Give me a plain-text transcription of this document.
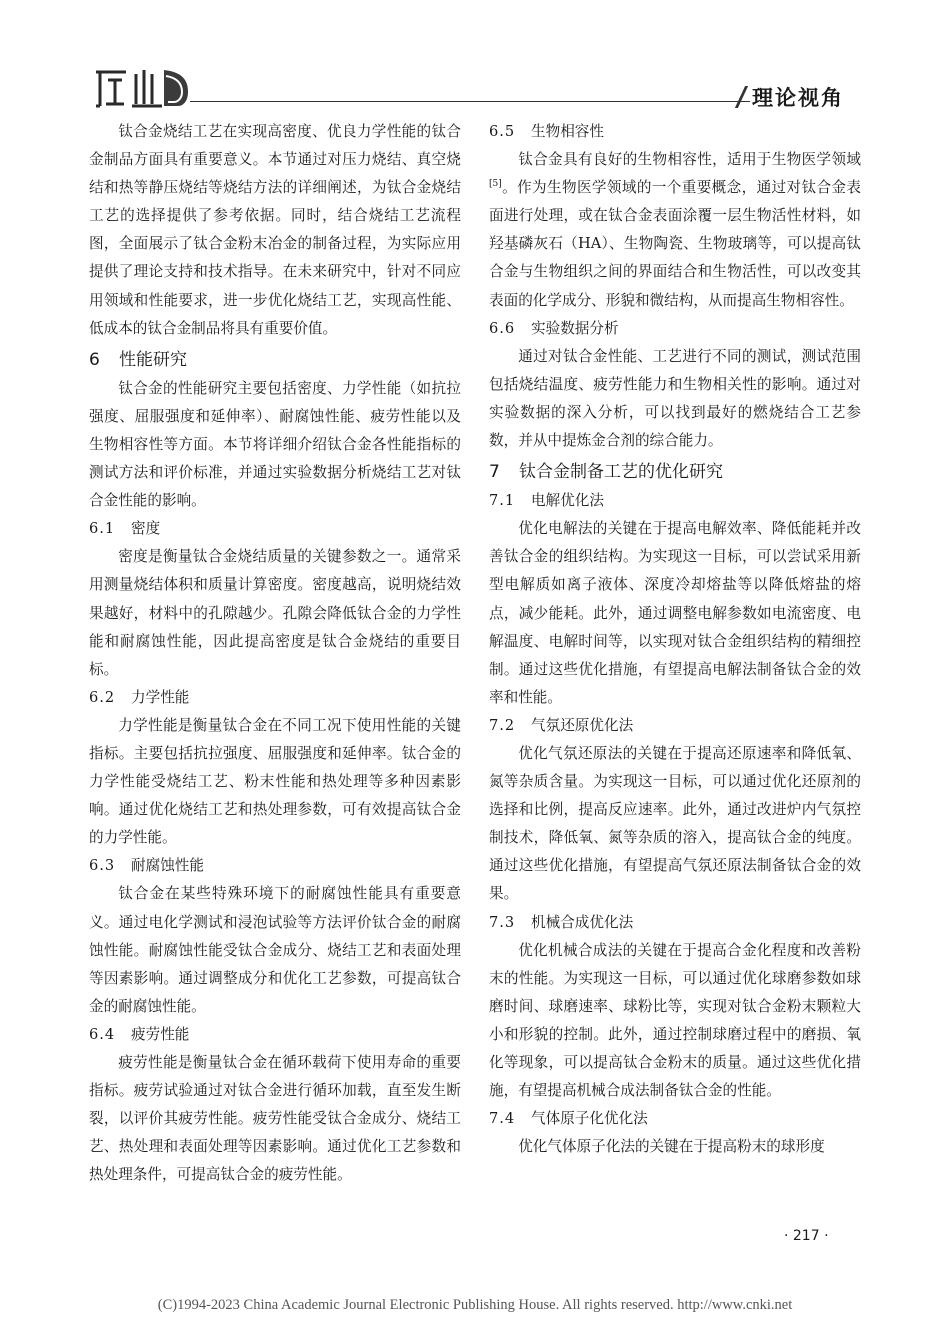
理论视角

钛合金烧结工艺在实现高密度、优良力学性能的钛合金制品方面具有重要意义。本节通过对压力烧结、真空烧结和热等静压烧结等烧结方法的详细阐述，为钛合金烧结工艺的选择提供了参考依据。同时，结合烧结工艺流程图，全面展示了钛合金粉末冶金的制备过程，为实际应用提供了理论支持和技术指导。在未来研究中，针对不同应用领域和性能要求，进一步优化烧结工艺，实现高性能、低成本的钛合金制品将具有重要价值。

6 性能研究

钛合金的性能研究主要包括密度、力学性能（如抗拉强度、屈服强度和延伸率）、耐腐蚀性能、疲劳性能以及生物相容性等方面。本节将详细介绍钛合金各性能指标的测试方法和评价标准，并通过实验数据分析烧结工艺对钛合金性能的影响。

6.1 密度

密度是衡量钛合金烧结质量的关键参数之一。通常采用测量烧结体积和质量计算密度。密度越高，说明烧结效果越好，材料中的孔隙越少。孔隙会降低钛合金的力学性能和耐腐蚀性能，因此提高密度是钛合金烧结的重要目标。

6.2 力学性能

力学性能是衡量钛合金在不同工况下使用性能的关键指标。主要包括抗拉强度、屈服强度和延伸率。钛合金的力学性能受烧结工艺、粉末性能和热处理等多种因素影响。通过优化烧结工艺和热处理参数，可有效提高钛合金的力学性能。

6.3 耐腐蚀性能

钛合金在某些特殊环境下的耐腐蚀性能具有重要意义。通过电化学测试和浸泡试验等方法评价钛合金的耐腐蚀性能。耐腐蚀性能受钛合金成分、烧结工艺和表面处理等因素影响。通过调整成分和优化工艺参数，可提高钛合金的耐腐蚀性能。

6.4 疲劳性能

疲劳性能是衡量钛合金在循环载荷下使用寿命的重要指标。疲劳试验通过对钛合金进行循环加载，直至发生断裂，以评价其疲劳性能。疲劳性能受钛合金成分、烧结工艺、热处理和表面处理等因素影响。通过优化工艺参数和热处理条件，可提高钛合金的疲劳性能。

6.5 生物相容性

钛合金具有良好的生物相容性，适用于生物医学领域[5]。作为生物医学领域的一个重要概念，通过对钛合金表面进行处理，或在钛合金表面涂覆一层生物活性材料，如羟基磷灰石（HA）、生物陶瓷、生物玻璃等，可以提高钛合金与生物组织之间的界面结合和生物活性，可以改变其表面的化学成分、形貌和微结构，从而提高生物相容性。

6.6 实验数据分析

通过对钛合金性能、工艺进行不同的测试，测试范围包括烧结温度、疲劳性能力和生物相关性的影响。通过对实验数据的深入分析，可以找到最好的燃烧结合工艺参数，并从中提炼金合剂的综合能力。

7 钛合金制备工艺的优化研究
7.1 电解优化法

优化电解法的关键在于提高电解效率、降低能耗并改善钛合金的组织结构。为实现这一目标，可以尝试采用新型电解质如离子液体、深度冷却熔盐等以降低熔盐的熔点，减少能耗。此外，通过调整电解参数如电流密度、电解温度、电解时间等，以实现对钛合金组织结构的精细控制。通过这些优化措施，有望提高电解法制备钛合金的效率和性能。

7.2 气氛还原优化法

优化气氛还原法的关键在于提高还原速率和降低氧、氮等杂质含量。为实现这一目标，可以通过优化还原剂的选择和比例，提高反应速率。此外，通过改进炉内气氛控制技术，降低氧、氮等杂质的溶入，提高钛合金的纯度。通过这些优化措施，有望提高气氛还原法制备钛合金的效果。

7.3 机械合成优化法

优化机械合成法的关键在于提高合金化程度和改善粉末的性能。为实现这一目标，可以通过优化球磨参数如球磨时间、球磨速率、球粉比等，实现对钛合金粉末颗粒大小和形貌的控制。此外，通过控制球磨过程中的磨损、氧化等现象，可以提高钛合金粉末的质量。通过这些优化措施，有望提高机械合成法制备钛合金的性能。

7.4 气体原子化优化法

优化气体原子化法的关键在于提高粉末的球形度

· 217 ·
(C)1994-2023 China Academic Journal Electronic Publishing House. All rights reserved. http://www.cnki.net
